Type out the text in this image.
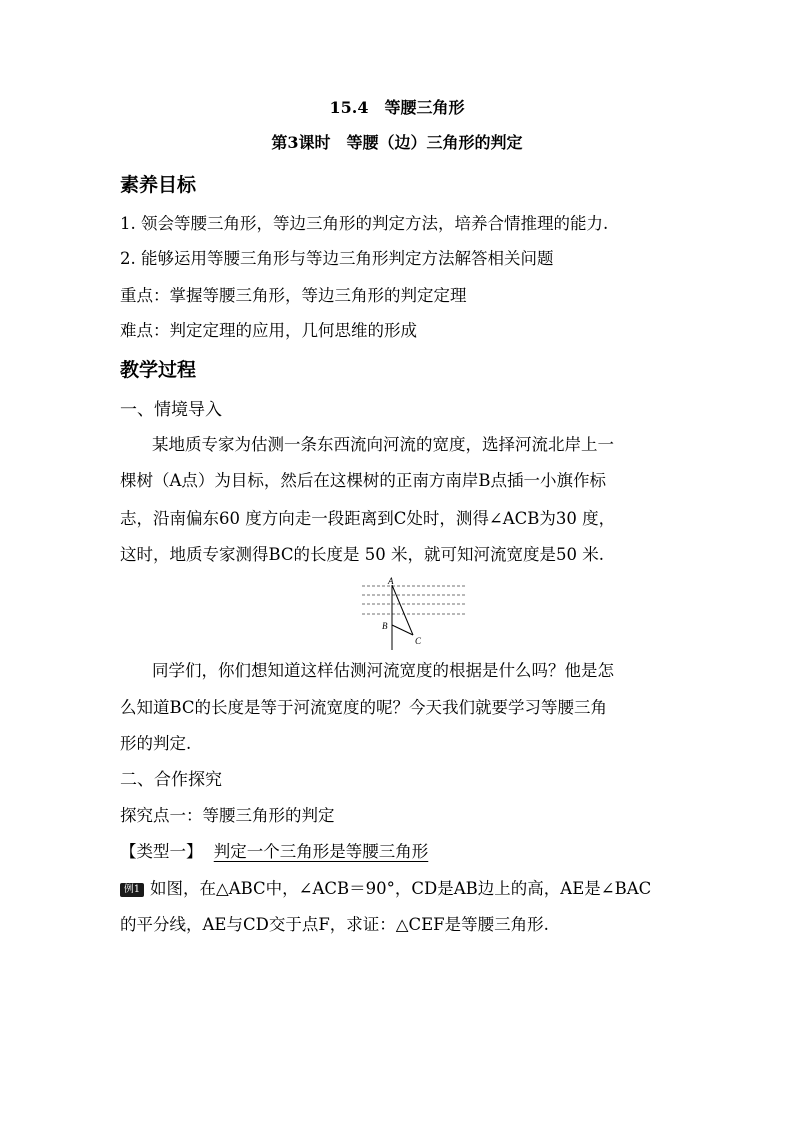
15.4　等腰三角形
第3课时　等腰（边）三角形的判定
素养目标
1. 领会等腰三角形，等边三角形的判定方法，培养合情推理的能力.
2. 能够运用等腰三角形与等边三角形判定方法解答相关问题
重点：掌握等腰三角形，等边三角形的判定定理
难点：判定定理的应用，几何思维的形成
教学过程
一、情境导入
某地质专家为估测一条东西流向河流的宽度，选择河流北岸上一
棵树（A点）为目标，然后在这棵树的正南方南岸B点插一小旗作标
志，沿南偏东60 度方向走一段距离到C处时，测得∠ACB为30 度，
这时，地质专家测得BC的长度是 50 米，就可知河流宽度是50 米.
A
B
C
同学们，你们想知道这样估测河流宽度的根据是什么吗？他是怎
么知道BC的长度是等于河流宽度的呢？今天我们就要学习等腰三角
形的判定.
二、合作探究
探究点一：等腰三角形的判定
【类型一】 判定一个三角形是等腰三角形
例1 如图，在△ABC中，∠ACB＝90°，CD是AB边上的高，AE是∠BAC
的平分线，AE与CD交于点F，求证：△CEF是等腰三角形.
